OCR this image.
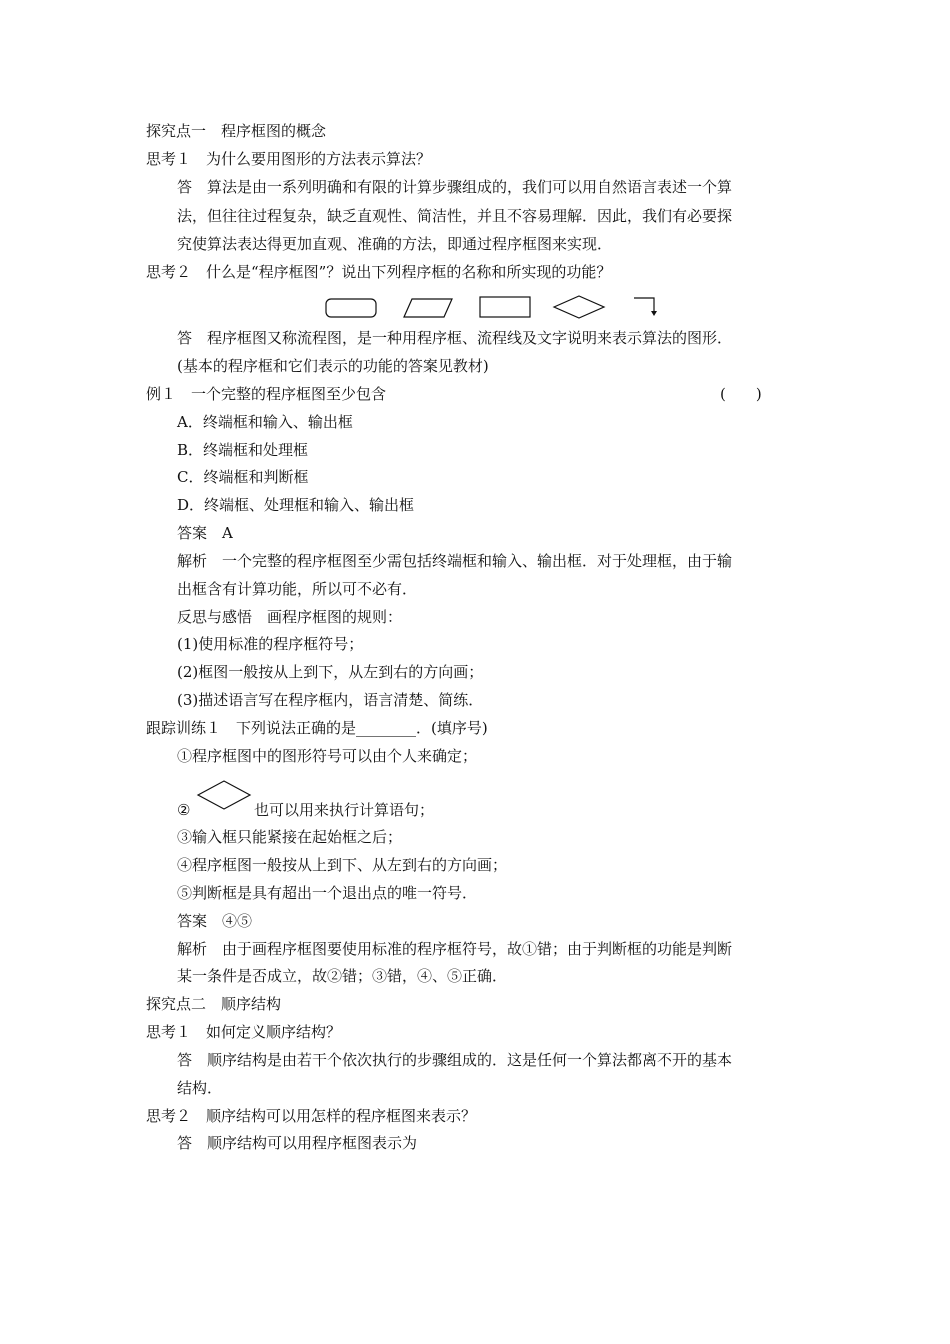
探究点一　程序框图的概念
思考１　为什么要用图形的方法表示算法？
答　算法是由一系列明确和有限的计算步骤组成的，我们可以用自然语言表述一个算
法，但往往过程复杂，缺乏直观性、简洁性，并且不容易理解．因此，我们有必要探
究使算法表达得更加直观、准确的方法，即通过程序框图来实现．
思考２　什么是“程序框图”？说出下列程序框的名称和所实现的功能？
答　程序框图又称流程图，是一种用程序框、流程线及文字说明来表示算法的图形．
(基本的程序框和它们表示的功能的答案见教材)
例１　一个完整的程序框图至少包含	(　　)
A．终端框和输入、输出框
B．终端框和处理框
C．终端框和判断框
D．终端框、处理框和输入、输出框
答案　A
解析　一个完整的程序框图至少需包括终端框和输入、输出框．对于处理框，由于输
出框含有计算功能，所以可不必有．
反思与感悟　画程序框图的规则：
(1)使用标准的程序框符号；
(2)框图一般按从上到下，从左到右的方向画；
(3)描述语言写在程序框内，语言清楚、简练．
跟踪训练１　下列说法正确的是________．(填序号)
①程序框图中的图形符号可以由个人来确定；
②	也可以用来执行计算语句；
③输入框只能紧接在起始框之后；
④程序框图一般按从上到下、从左到右的方向画；
⑤判断框是具有超出一个退出点的唯一符号．
答案　④⑤
解析　由于画程序框图要使用标准的程序框符号，故①错；由于判断框的功能是判断
某一条件是否成立，故②错；③错，④、⑤正确．
探究点二　顺序结构
思考１　如何定义顺序结构？
答　顺序结构是由若干个依次执行的步骤组成的．这是任何一个算法都离不开的基本
结构．
思考２　顺序结构可以用怎样的程序框图来表示？
答　顺序结构可以用程序框图表示为
